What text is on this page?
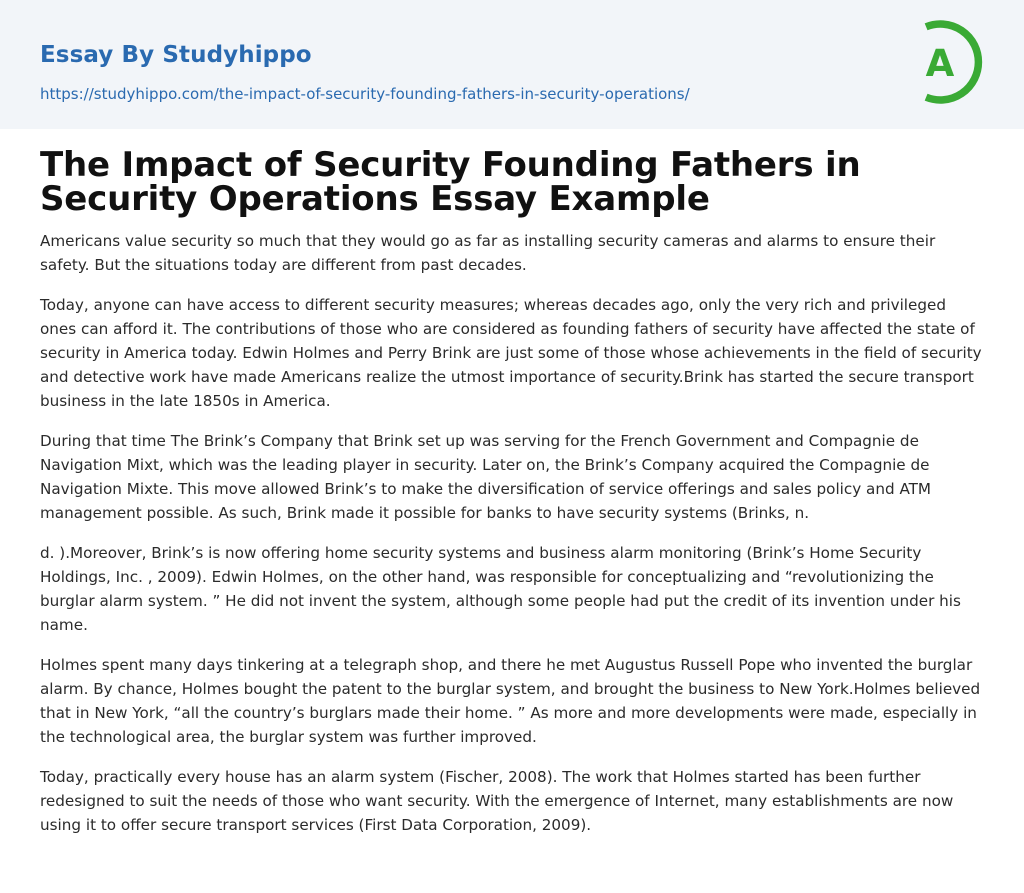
Essay By Studyhippo
https://studyhippo.com/the-impact-of-security-founding-fathers-in-security-operations/
A
The Impact of Security Founding Fathers in Security Operations Essay Example

Americans value security so much that they would go as far as installing security cameras and alarms to ensure their safety. But the situations today are different from past decades.

Today, anyone can have access to different security measures; whereas decades ago, only the very rich and privileged ones can afford it. The contributions of those who are considered as founding fathers of security have affected the state of security in America today. Edwin Holmes and Perry Brink are just some of those whose achievements in the field of security and detective work have made Americans realize the utmost importance of security.Brink has started the secure transport business in the late 1850s in America.

During that time The Brink’s Company that Brink set up was serving for the French Government and Compagnie de Navigation Mixt, which was the leading player in security. Later on, the Brink’s Company acquired the Compagnie de Navigation Mixte. This move allowed Brink’s to make the diversification of service offerings and sales policy and ATM management possible. As such, Brink made it possible for banks to have security systems (Brinks, n.

d. ).Moreover, Brink’s is now offering home security systems and business alarm monitoring (Brink’s Home Security Holdings, Inc. , 2009). Edwin Holmes, on the other hand, was responsible for conceptualizing and “revolutionizing the burglar alarm system. ” He did not invent the system, although some people had put the credit of its invention under his name.

Holmes spent many days tinkering at a telegraph shop, and there he met Augustus Russell Pope who invented the burglar alarm. By chance, Holmes bought the patent to the burglar system, and brought the business to New York.Holmes believed that in New York, “all the country’s burglars made their home. ” As more and more developments were made, especially in the technological area, the burglar system was further improved.

Today, practically every house has an alarm system (Fischer, 2008). The work that Holmes started has been further redesigned to suit the needs of those who want security. With the emergence of Internet, many establishments are now using it to offer secure transport services (First Data Corporation, 2009).
